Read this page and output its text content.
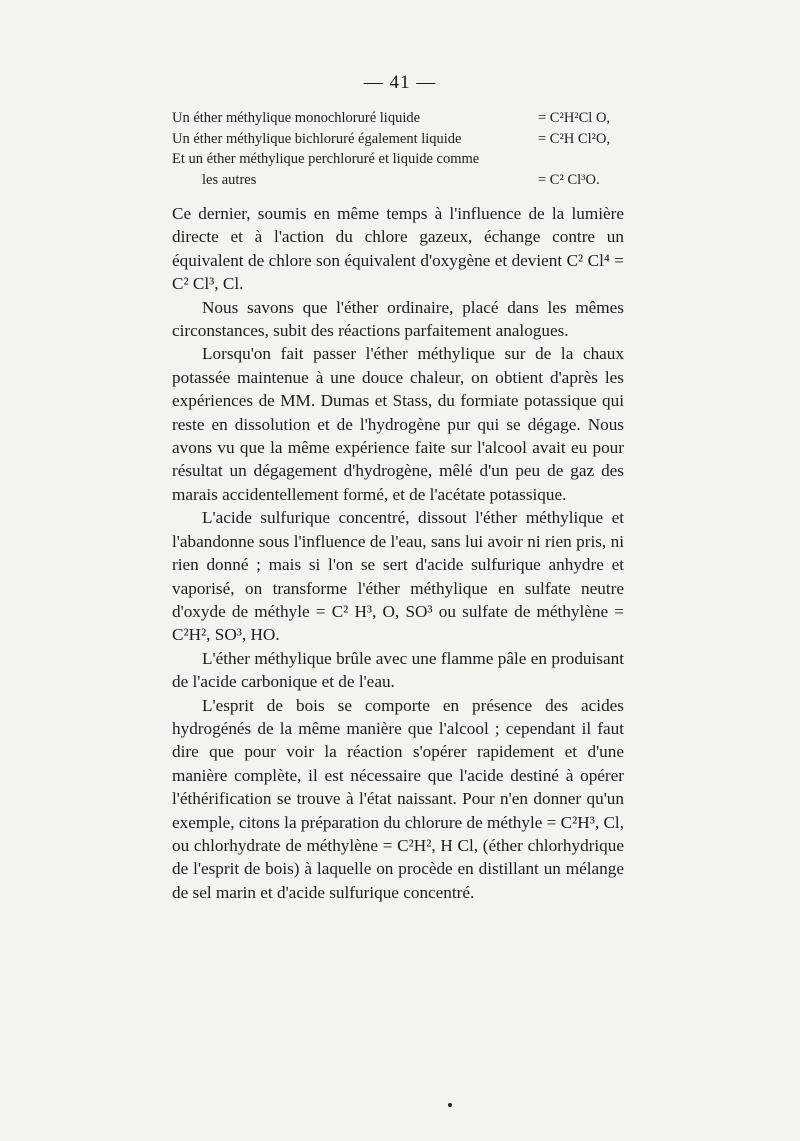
— 41 —
Un éther méthylique monochloruré liquide	= C²H²Cl O,
Un éther méthylique bichloruré également liquide	= C²H Cl²O,
Et un éther méthylique perchloruré et liquide comme
les autres	= C² Cl³O.

Ce dernier, soumis en même temps à l'influence de la lumière directe et à l'action du chlore gazeux, échange contre un équivalent de chlore son équivalent d'oxygène et devient C² Cl⁴ = C² Cl³, Cl.

Nous savons que l'éther ordinaire, placé dans les mêmes circonstances, subit des réactions parfaitement analogues.

Lorsqu'on fait passer l'éther méthylique sur de la chaux potassée maintenue à une douce chaleur, on obtient d'après les expériences de MM. Dumas et Stass, du formiate potassique qui reste en dissolution et de l'hydrogène pur qui se dégage. Nous avons vu que la même expérience faite sur l'alcool avait eu pour résultat un dégagement d'hydrogène, mêlé d'un peu de gaz des marais accidentellement formé, et de l'acétate potassique.

L'acide sulfurique concentré, dissout l'éther méthylique et l'abandonne sous l'influence de l'eau, sans lui avoir ni rien pris, ni rien donné ; mais si l'on se sert d'acide sulfurique anhydre et vaporisé, on transforme l'éther méthylique en sulfate neutre d'oxyde de méthyle = C² H³, O, SO³ ou sulfate de méthylène = C²H², SO³, HO.

L'éther méthylique brûle avec une flamme pâle en produisant de l'acide carbonique et de l'eau.

L'esprit de bois se comporte en présence des acides hydrogénés de la même manière que l'alcool ; cependant il faut dire que pour voir la réaction s'opérer rapidement et d'une manière complète, il est nécessaire que l'acide destiné à opérer l'éthérification se trouve à l'état naissant. Pour n'en donner qu'un exemple, citons la préparation du chlorure de méthyle = C²H³, Cl, ou chlorhydrate de méthylène = C²H², H Cl, (éther chlorhydrique de l'esprit de bois) à laquelle on procède en distillant un mélange de sel marin et d'acide sulfurique concentré.
